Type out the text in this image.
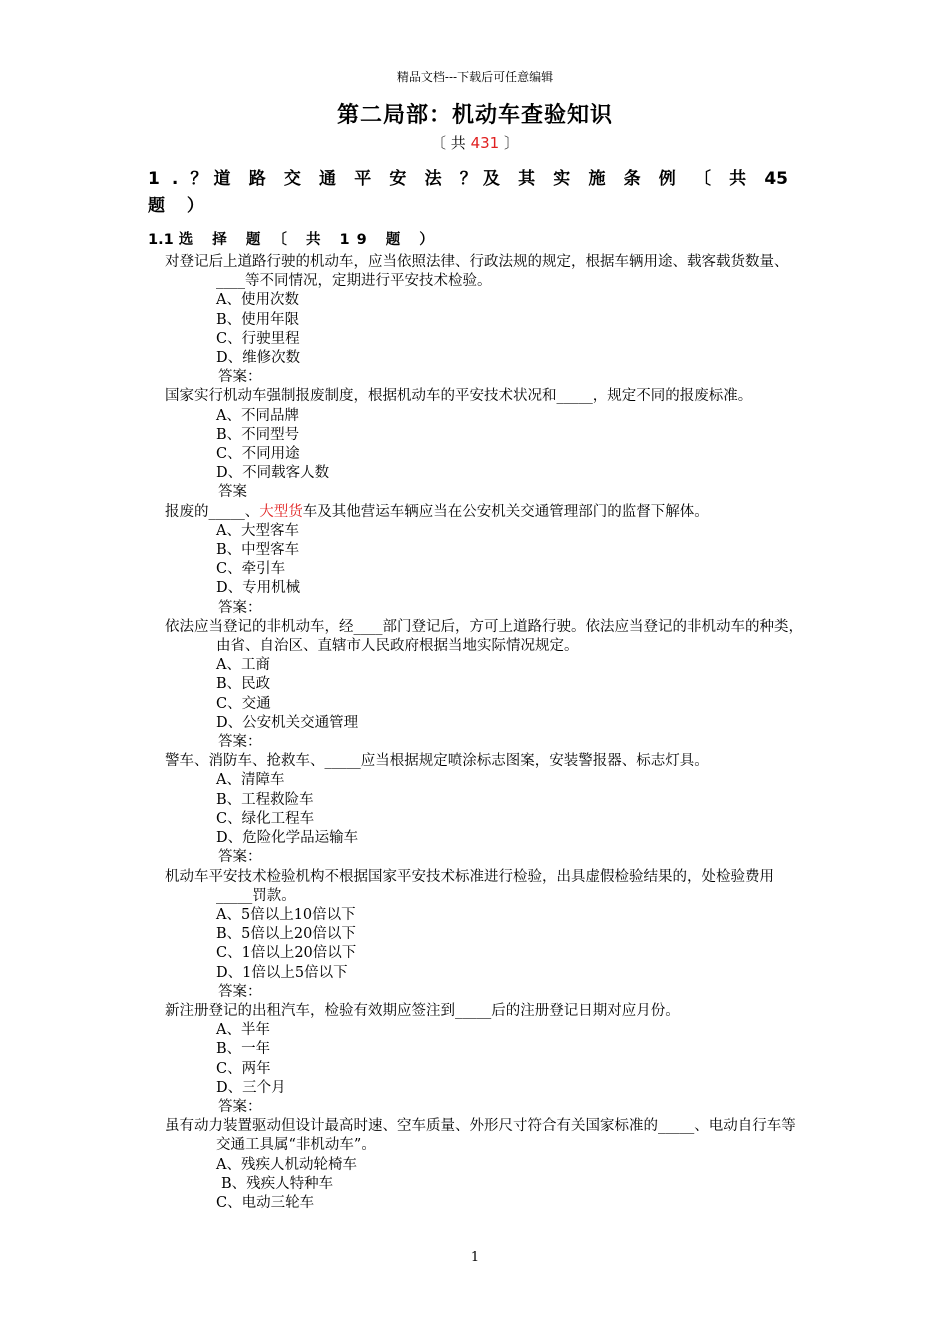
精品文档---下载后可任意编辑
第二局部：机动车查验知识
〔 共 431 〕
1 . ？道 路 交 通 平 安 法 ？及 其 实 施 条 例 〔 共 45
题 ）
1.1 选 择 题 〔 共 19 题 ）

对登记后上道路行驶的机动车，应当依照法律、行政法规的规定，根据车辆用途、载客载货数量、____等不同情况，定期进行平安技术检验。

A、使用次数

B、使用年限

C、行驶里程

D、维修次数

答案：

国家实行机动车强制报废制度，根据机动车的平安技术状况和_____，规定不同的报废标准。

A、不同品牌

B、不同型号

C、不同用途

D、不同载客人数

答案

报废的_____、大型货车及其他营运车辆应当在公安机关交通管理部门的监督下解体。

A、大型客车

B、中型客车

C、牵引车

D、专用机械

答案：

依法应当登记的非机动车，经____部门登记后，方可上道路行驶。依法应当登记的非机动车的种类，由省、自治区、直辖市人民政府根据当地实际情况规定。

A、工商

B、民政

C、交通

D、公安机关交通管理

答案：

警车、消防车、抢救车、_____应当根据规定喷涂标志图案，安装警报器、标志灯具。

A、清障车

B、工程救险车

C、绿化工程车

D、危险化学品运输车

答案：

机动车平安技术检验机构不根据国家平安技术标准进行检验，出具虚假检验结果的，处检验费用_____罚款。

A、5倍以上10倍以下

B、5倍以上20倍以下

C、1倍以上20倍以下

D、1倍以上5倍以下

答案：

新注册登记的出租汽车，检验有效期应签注到_____后的注册登记日期对应月份。

A、半年

B、一年

C、两年

D、三个月

答案：

虽有动力装置驱动但设计最高时速、空车质量、外形尺寸符合有关国家标准的_____、电动自行车等交通工具属“非机动车”。

A、残疾人机动轮椅车

B、残疾人特种车

C、电动三轮车

1
